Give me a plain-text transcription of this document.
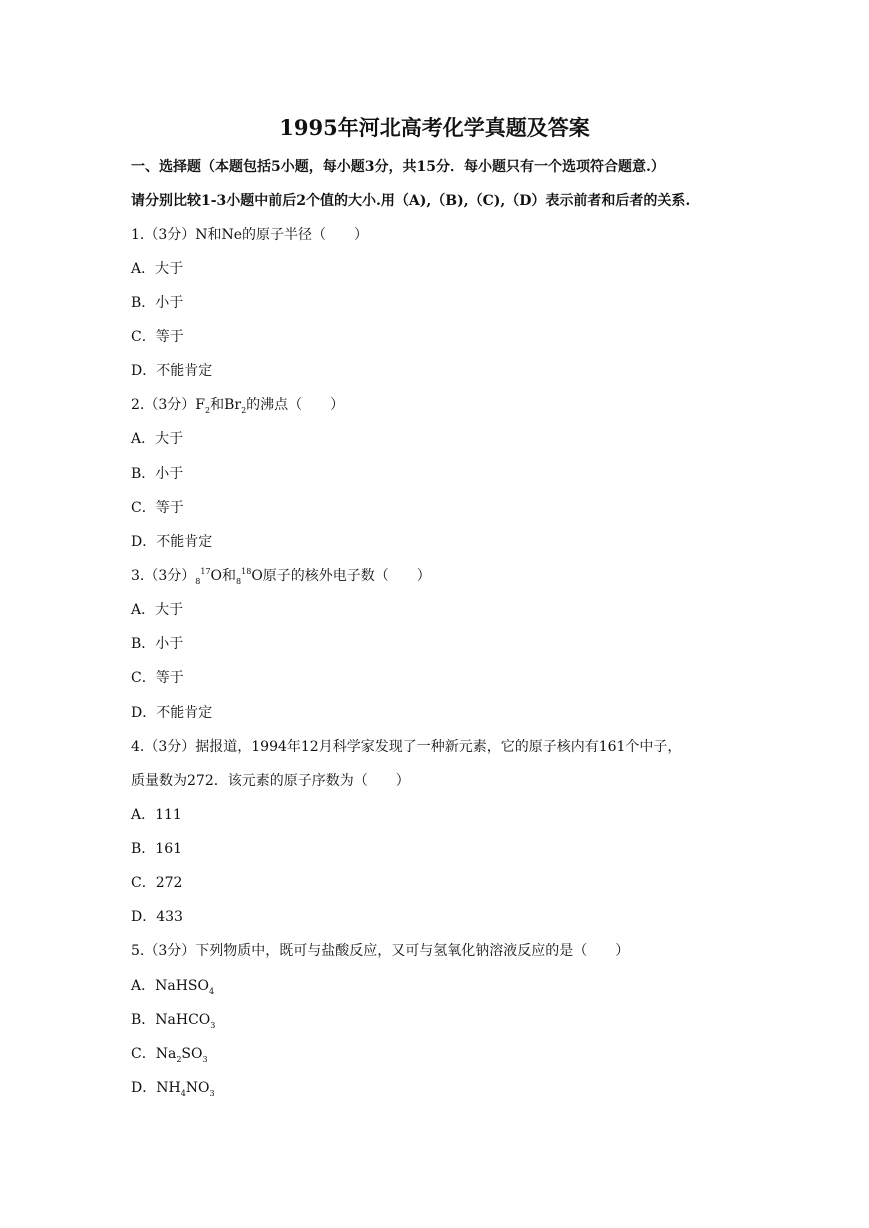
1995年河北高考化学真题及答案
一、选择题（本题包括5小题，每小题3分，共15分．每小题只有一个选项符合题意.）
请分别比较1-3小题中前后2个值的大小.用（A),（B),（C),（D）表示前者和后者的关系.
1.（3分）N和Ne的原子半径（　　）
A．大于
B．小于
C．等于
D．不能肯定
2.（3分）$F_2$和$Br_2$的沸点（　　）
A．大于
B．小于
C．等于
D．不能肯定
3.（3分）$_8^{17}O$和$_8^{18}$O原子的核外电子数（　　）
A．大于
B．小于
C．等于
D．不能肯定
4.（3分）据报道，1994年12月科学家发现了一种新元素，它的原子核内有161个中子，
质量数为272．该元素的原子序数为（　　）
A．111
B．161
C．272
D．433
5.（3分）下列物质中，既可与盐酸反应，又可与氢氧化钠溶液反应的是（　　）
A．NaHSO$_4$
B．NaHCO$_3$
C．$Na_2SO_3$
D．$NH_4NO_3$
